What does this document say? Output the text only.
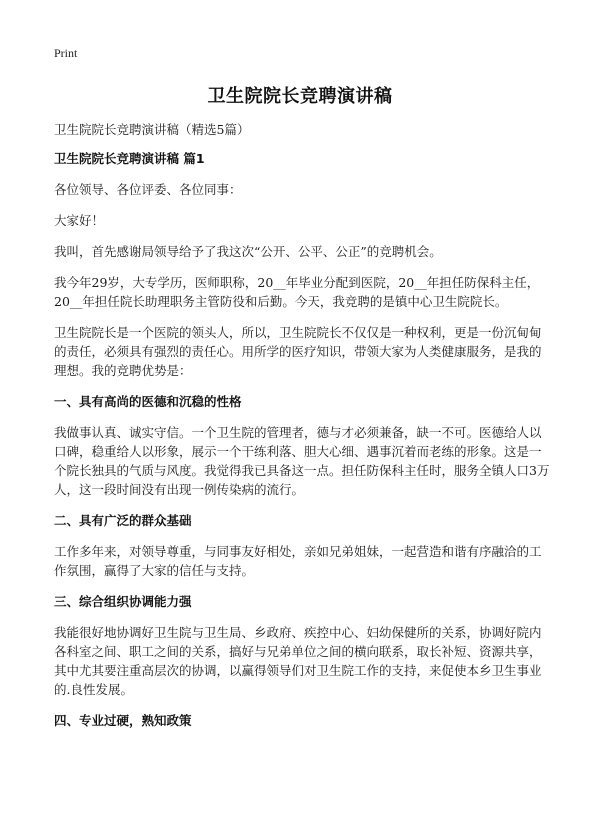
Print
卫生院院长竞聘演讲稿

卫生院院长竞聘演讲稿（精选5篇）

卫生院院长竞聘演讲稿 篇1

各位领导、各位评委、各位同事：

大家好！

我叫，首先感谢局领导给予了我这次“公开、公平、公正”的竞聘机会。

我今年29岁，大专学历，医师职称，20__年毕业分配到医院，20__年担任防保科主任，20__年担任院长助理职务主管防役和后勤。今天，我竞聘的是镇中心卫生院院长。

卫生院院长是一个医院的领头人，所以，卫生院院长不仅仅是一种权利，更是一份沉甸甸的责任，必须具有强烈的责任心。用所学的医疗知识，带领大家为人类健康服务，是我的理想。我的竞聘优势是：

一、具有高尚的医德和沉稳的性格

我做事认真、诚实守信。一个卫生院的管理者，德与才必须兼备，缺一不可。医德给人以口碑，稳重给人以形象，展示一个干练利落、胆大心细、遇事沉着而老练的形象。这是一个院长独具的气质与风度。我觉得我已具备这一点。担任防保科主任时，服务全镇人口3万人，这一段时间没有出现一例传染病的流行。

二、具有广泛的群众基础

工作多年来，对领导尊重，与同事友好相处，亲如兄弟姐妹，一起营造和谐有序融洽的工作氛围，赢得了大家的信任与支持。

三、综合组织协调能力强

我能很好地协调好卫生院与卫生局、乡政府、疾控中心、妇幼保健所的关系，协调好院内各科室之间、职工之间的关系，搞好与兄弟单位之间的横向联系，取长补短、资源共享，其中尤其要注重高层次的协调，以赢得领导们对卫生院工作的支持，来促使本乡卫生事业的.良性发展。

四、专业过硬，熟知政策
